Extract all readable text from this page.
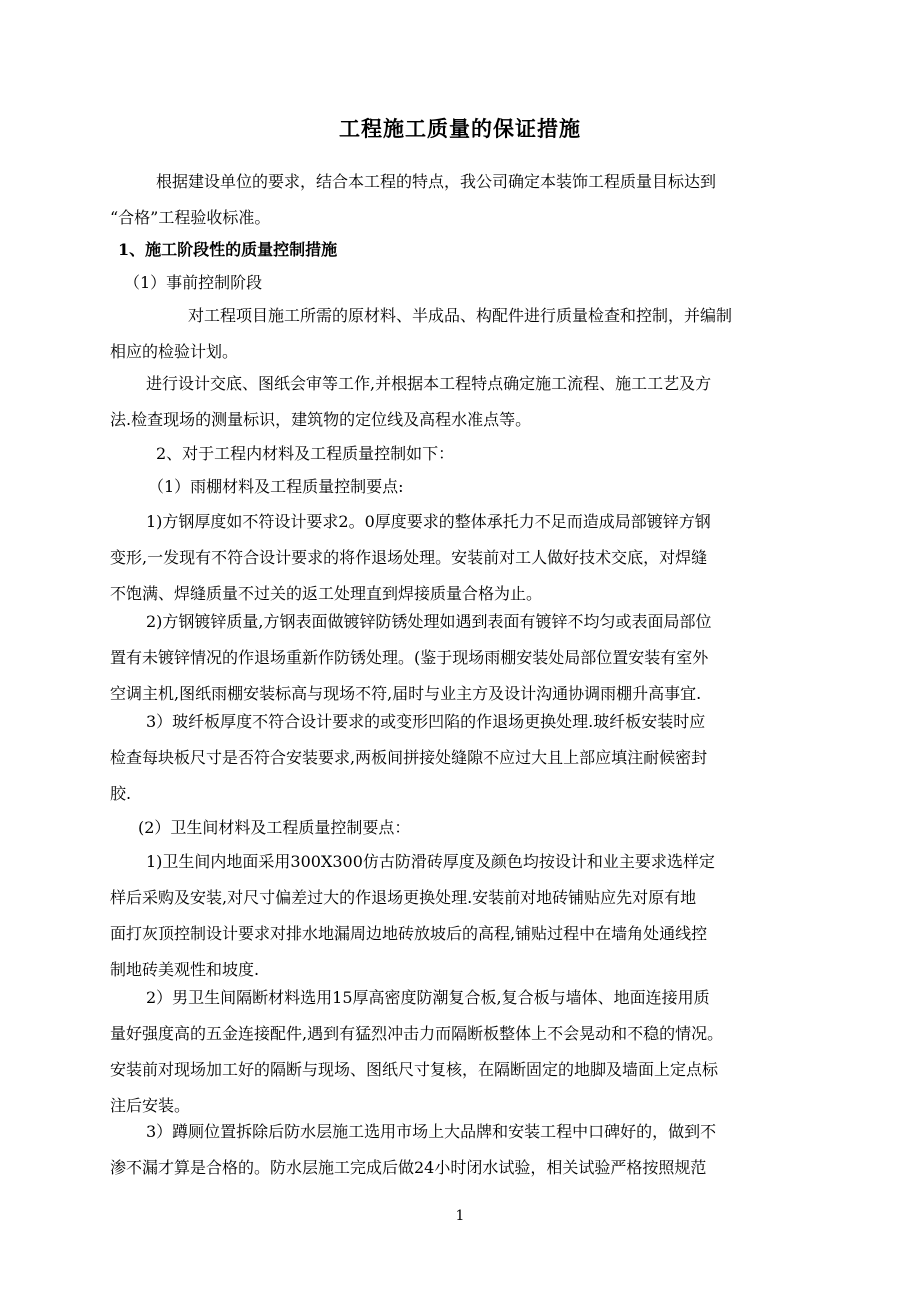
工程施工质量的保证措施
根据建设单位的要求，结合本工程的特点，我公司确定本装饰工程质量目标达到
“合格”工程验收标准。
1、施工阶段性的质量控制措施
（1）事前控制阶段
对工程项目施工所需的原材料、半成品、构配件进行质量检查和控制，并编制
相应的检验计划。
进行设计交底、图纸会审等工作,并根据本工程特点确定施工流程、施工工艺及方
法.检查现场的测量标识，建筑物的定位线及高程水准点等。
2、对于工程内材料及工程质量控制如下：
（1）雨棚材料及工程质量控制要点:
1)方钢厚度如不符设计要求2。0厚度要求的整体承托力不足而造成局部镀锌方钢
变形,一发现有不符合设计要求的将作退场处理。安装前对工人做好技术交底，对焊缝
不饱满、焊缝质量不过关的返工处理直到焊接质量合格为止。
2)方钢镀锌质量,方钢表面做镀锌防锈处理如遇到表面有镀锌不均匀或表面局部位
置有未镀锌情况的作退场重新作防锈处理。(鉴于现场雨棚安装处局部位置安装有室外
空调主机,图纸雨棚安装标高与现场不符,届时与业主方及设计沟通协调雨棚升高事宜.
3）玻纤板厚度不符合设计要求的或变形凹陷的作退场更换处理.玻纤板安装时应
检查每块板尺寸是否符合安装要求,两板间拼接处缝隙不应过大且上部应填注耐候密封
胶.
(2）卫生间材料及工程质量控制要点：
1)卫生间内地面采用300X300仿古防滑砖厚度及颜色均按设计和业主要求选样定
样后采购及安装,对尺寸偏差过大的作退场更换处理.安装前对地砖铺贴应先对原有地
面打灰顶控制设计要求对排水地漏周边地砖放坡后的高程,铺贴过程中在墙角处通线控
制地砖美观性和坡度.
2）男卫生间隔断材料选用15厚高密度防潮复合板,复合板与墙体、地面连接用质
量好强度高的五金连接配件,遇到有猛烈冲击力而隔断板整体上不会晃动和不稳的情况。
安装前对现场加工好的隔断与现场、图纸尺寸复核，在隔断固定的地脚及墙面上定点标
注后安装。
3）蹲厕位置拆除后防水层施工选用市场上大品牌和安装工程中口碑好的，做到不
渗不漏才算是合格的。防水层施工完成后做24小时闭水试验，相关试验严格按照规范
1
